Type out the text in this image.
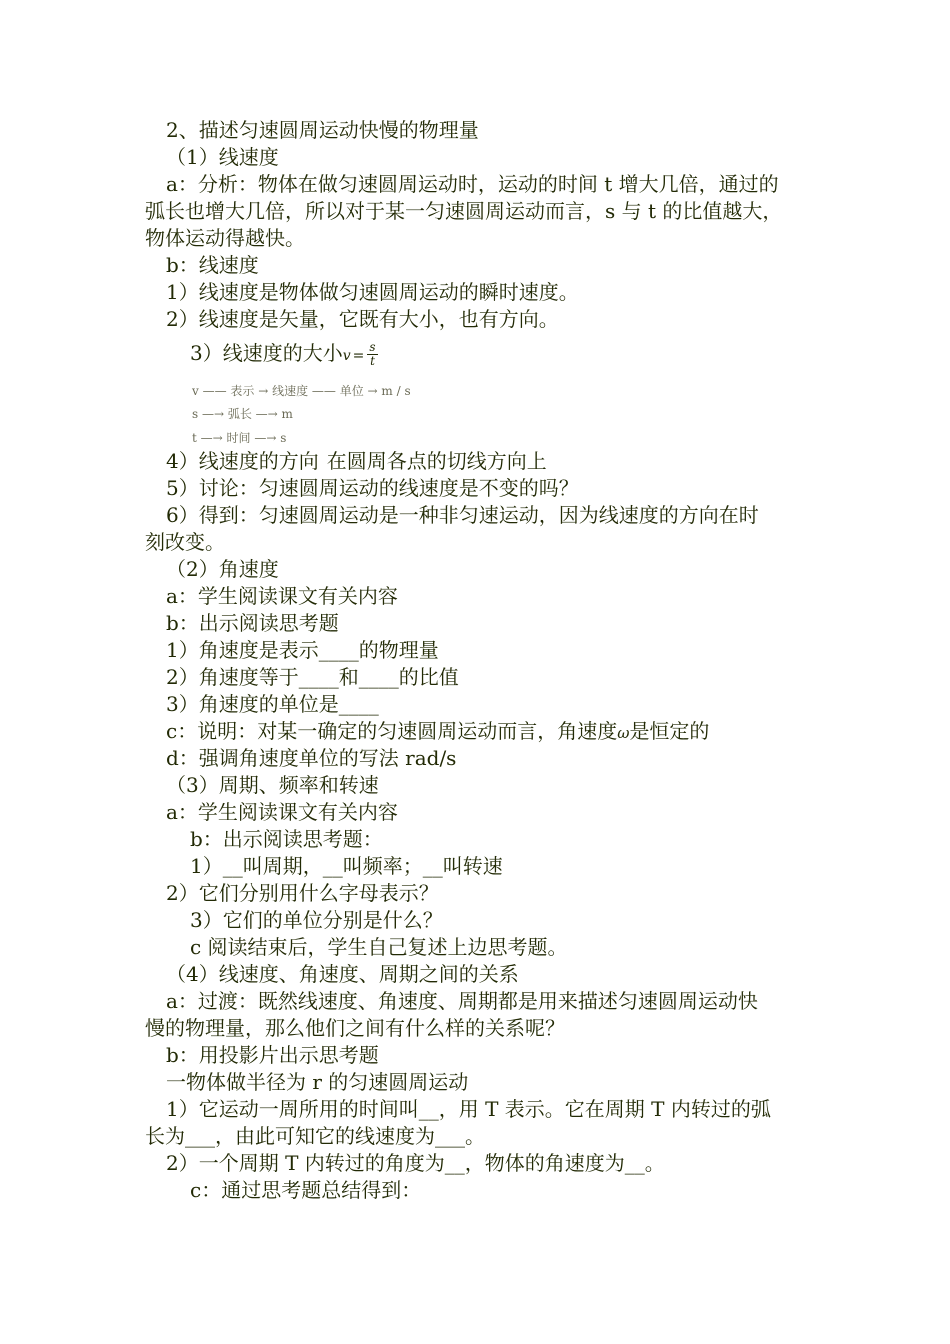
2、描述匀速圆周运动快慢的物理量
（1）线速度
a：分析：物体在做匀速圆周运动时，运动的时间 t 增大几倍，通过的
弧长也增大几倍，所以对于某一匀速圆周运动而言，s 与 t 的比值越大，
物体运动得越快。
b：线速度
1）线速度是物体做匀速圆周运动的瞬时速度。
2）线速度是矢量，它既有大小，也有方向。
3）线速度的大小$v = \frac{s}{t}$
v —— 表示 → 线速度 —— 单位 → m / s
s —→ 弧长 —→ m
t —→ 时间 —→ s
4）线速度的方向 在圆周各点的切线方向上
5）讨论：匀速圆周运动的线速度是不变的吗？
6）得到：匀速圆周运动是一种非匀速运动，因为线速度的方向在时
刻改变。
（2）角速度
a：学生阅读课文有关内容
b：出示阅读思考题
1）角速度是表示____的物理量
2）角速度等于____和____的比值
3）角速度的单位是____
c：说明：对某一确定的匀速圆周运动而言，角速度ω是恒定的
d：强调角速度单位的写法 rad/s
（3）周期、频率和转速
a：学生阅读课文有关内容
b：出示阅读思考题：
1）__叫周期，__叫频率；__叫转速
2）它们分别用什么字母表示？
3）它们的单位分别是什么？
c 阅读结束后，学生自己复述上边思考题。
（4）线速度、角速度、周期之间的关系
a：过渡：既然线速度、角速度、周期都是用来描述匀速圆周运动快
慢的物理量，那么他们之间有什么样的关系呢？
b：用投影片出示思考题
一物体做半径为 r 的匀速圆周运动
1）它运动一周所用的时间叫__，用 T 表示。它在周期 T 内转过的弧
长为___，由此可知它的线速度为___。
2）一个周期 T 内转过的角度为__，物体的角速度为__。
c：通过思考题总结得到：
